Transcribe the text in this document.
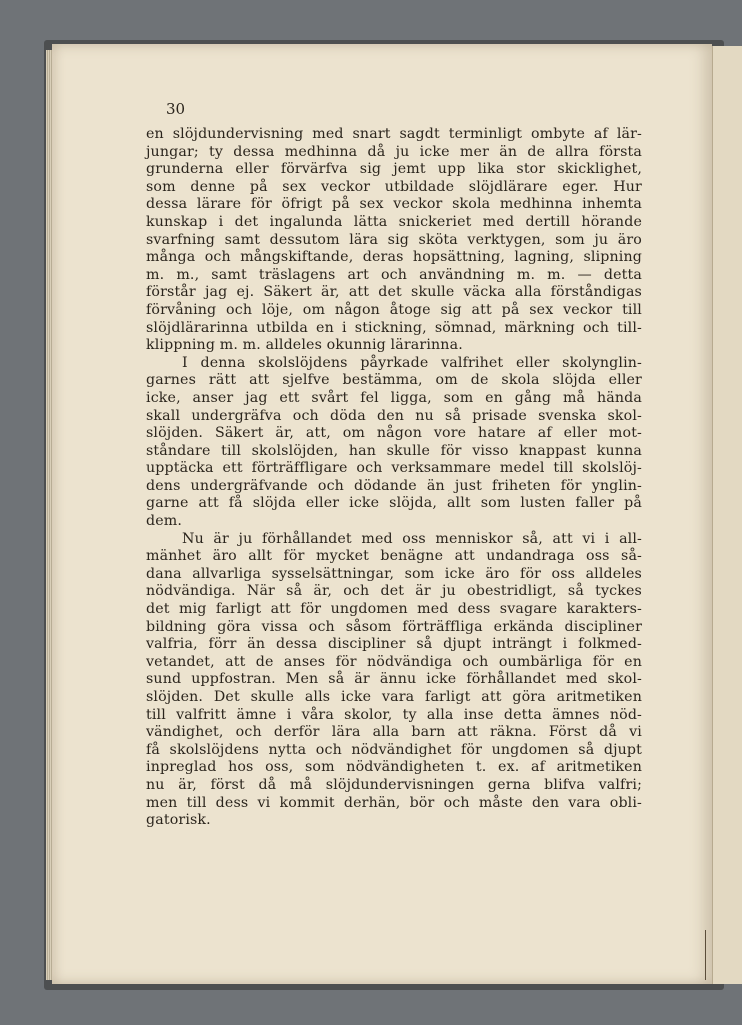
30

en slöjdundervisning med snart sagdt terminligt ombyte af lär-
jungar; ty dessa medhinna då ju icke mer än de allra första
grunderna eller förvärfva sig jemt upp lika stor skicklighet,
som denne på sex veckor utbildade slöjdlärare eger. Hur
dessa lärare för öfrigt på sex veckor skola medhinna inhemta
kunskap i det ingalunda lätta snickeriet med dertill hörande
svarfning samt dessutom lära sig sköta verktygen, som ju äro
många och mångskiftande, deras hopsättning, lagning, slipning
m. m., samt träslagens art och användning m. m. — detta
förstår jag ej. Säkert är, att det skulle väcka alla förståndigas
förvåning och löje, om någon åtoge sig att på sex veckor till
slöjdlärarinna utbilda en i stickning, sömnad, märkning och till-
klippning m. m. alldeles okunnig lärarinna.

I denna skolslöjdens påyrkade valfrihet eller skolynglin-
garnes rätt att sjelfve bestämma, om de skola slöjda eller
icke, anser jag ett svårt fel ligga, som en gång må hända
skall undergräfva och döda den nu så prisade svenska skol-
slöjden. Säkert är, att, om någon vore hatare af eller mot-
ståndare till skolslöjden, han skulle för visso knappast kunna
upptäcka ett förträffligare och verksammare medel till skolslöj-
dens undergräfvande och dödande än just friheten för ynglin-
garne att få slöjda eller icke slöjda, allt som lusten faller på
dem.

Nu är ju förhållandet med oss menniskor så, att vi i all-
mänhet äro allt för mycket benägne att undandraga oss så-
dana allvarliga sysselsättningar, som icke äro för oss alldeles
nödvändiga. När så är, och det är ju obestridligt, så tyckes
det mig farligt att för ungdomen med dess svagare karakters-
bildning göra vissa och såsom förträffliga erkända discipliner
valfria, förr än dessa discipliner så djupt inträngt i folkmed-
vetandet, att de anses för nödvändiga och oumbärliga för en
sund uppfostran. Men så är ännu icke förhållandet med skol-
slöjden. Det skulle alls icke vara farligt att göra aritmetiken
till valfritt ämne i våra skolor, ty alla inse detta ämnes nöd-
vändighet, och derför lära alla barn att räkna. Först då vi
få skolslöjdens nytta och nödvändighet för ungdomen så djupt
inpreglad hos oss, som nödvändigheten t. ex. af aritmetiken
nu är, först då må slöjdundervisningen gerna blifva valfri;
men till dess vi kommit derhän, bör och måste den vara obli-
gatorisk.
